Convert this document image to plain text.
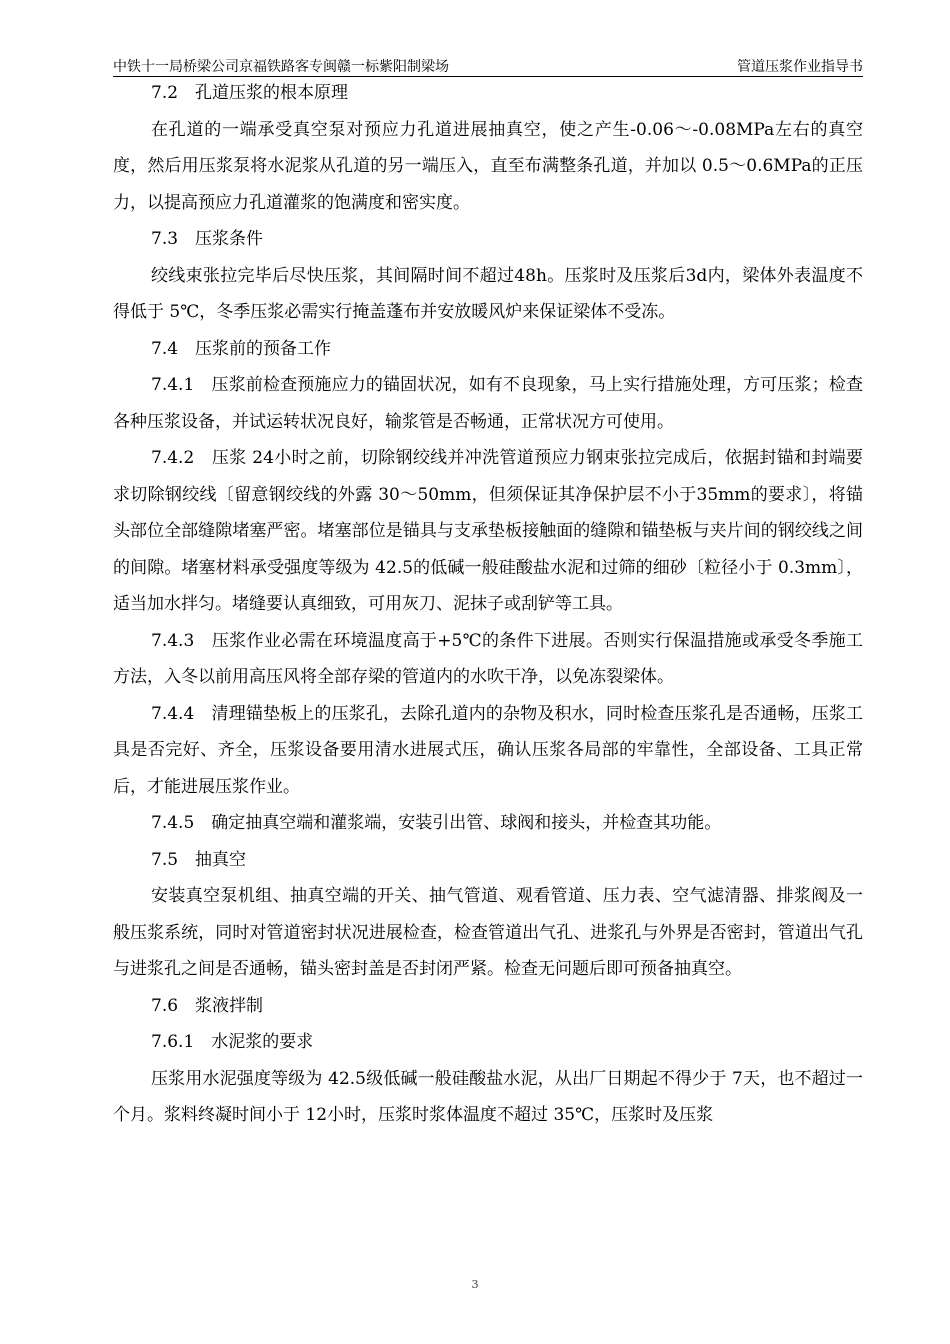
中铁十一局桥梁公司京福铁路客专闽赣一标紫阳制梁场	管道压浆作业指导书

7.2　孔道压浆的根本原理

在孔道的一端承受真空泵对预应力孔道进展抽真空，使之产生-0.06～-0.08MPa左右的真空度，然后用压浆泵将水泥浆从孔道的另一端压入，直至布满整条孔道，并加以 0.5～0.6MPa的正压力，以提高预应力孔道灌浆的饱满度和密实度。

7.3　压浆条件

绞线束张拉完毕后尽快压浆，其间隔时间不超过48h。压浆时及压浆后3d内，梁体外表温度不得低于 5℃，冬季压浆必需实行掩盖蓬布并安放暖风炉来保证梁体不受冻。

7.4　压浆前的预备工作

7.4.1　压浆前检查预施应力的锚固状况，如有不良现象，马上实行措施处理，方可压浆；检查各种压浆设备，并试运转状况良好，输浆管是否畅通，正常状况方可使用。

7.4.2　压浆 24小时之前，切除钢绞线并冲洗管道预应力钢束张拉完成后，依据封锚和封端要求切除钢绞线〔留意钢绞线的外露 30～50mm，但须保证其净保护层不小于35mm的要求〕，将锚头部位全部缝隙堵塞严密。堵塞部位是锚具与支承垫板接触面的缝隙和锚垫板与夹片间的钢绞线之间的间隙。堵塞材料承受强度等级为 42.5的低碱一般硅酸盐水泥和过筛的细砂〔粒径小于 0.3mm〕，适当加水拌匀。堵缝要认真细致，可用灰刀、泥抹子或刮铲等工具。

7.4.3　压浆作业必需在环境温度高于+5℃的条件下进展。否则实行保温措施或承受冬季施工方法，入冬以前用高压风将全部存梁的管道内的水吹干净，以免冻裂梁体。

7.4.4　清理锚垫板上的压浆孔，去除孔道内的杂物及积水，同时检查压浆孔是否通畅，压浆工具是否完好、齐全，压浆设备要用清水进展式压，确认压浆各局部的牢靠性，全部设备、工具正常后，才能进展压浆作业。

7.4.5　确定抽真空端和灌浆端，安装引出管、球阀和接头，并检查其功能。

7.5　抽真空

安装真空泵机组、抽真空端的开关、抽气管道、观看管道、压力表、空气滤清器、排浆阀及一般压浆系统，同时对管道密封状况进展检查，检查管道出气孔、进浆孔与外界是否密封，管道出气孔与进浆孔之间是否通畅，锚头密封盖是否封闭严紧。检查无问题后即可预备抽真空。

7.6　浆液拌制

7.6.1　水泥浆的要求

压浆用水泥强度等级为 42.5级低碱一般硅酸盐水泥，从出厂日期起不得少于 7天，也不超过一个月。浆料终凝时间小于 12小时，压浆时浆体温度不超过 35℃，压浆时及压浆

3
